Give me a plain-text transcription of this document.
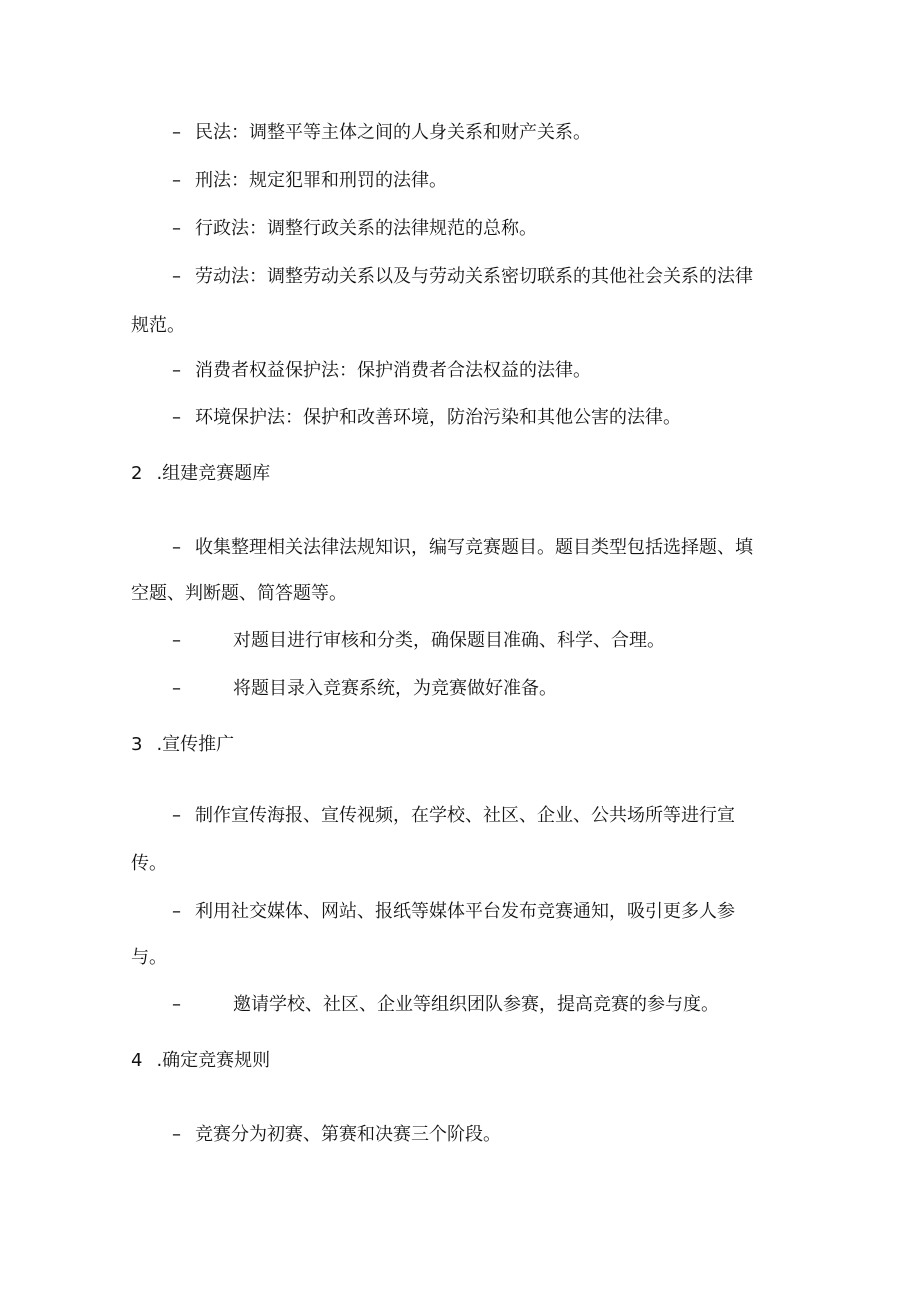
– 民法：调整平等主体之间的人身关系和财产关系。

– 刑法：规定犯罪和刑罚的法律。

– 行政法：调整行政关系的法律规范的总称。

– 劳动法：调整劳动关系以及与劳动关系密切联系的其他社会关系的法律

规范。

– 消费者权益保护法：保护消费者合法权益的法律。

– 环境保护法：保护和改善环境，防治污染和其他公害的法律。

2 .组建竞赛题库

– 收集整理相关法律法规知识，编写竞赛题目。题目类型包括选择题、填

空题、判断题、简答题等。

–	对题目进行审核和分类，确保题目准确、科学、合理。

–	将题目录入竞赛系统，为竞赛做好准备。

3 .宣传推广

– 制作宣传海报、宣传视频，在学校、社区、企业、公共场所等进行宣

传。

– 利用社交媒体、网站、报纸等媒体平台发布竞赛通知，吸引更多人参

与。

–	邀请学校、社区、企业等组织团队参赛，提高竞赛的参与度。

4 .确定竞赛规则

– 竞赛分为初赛、第赛和决赛三个阶段。
